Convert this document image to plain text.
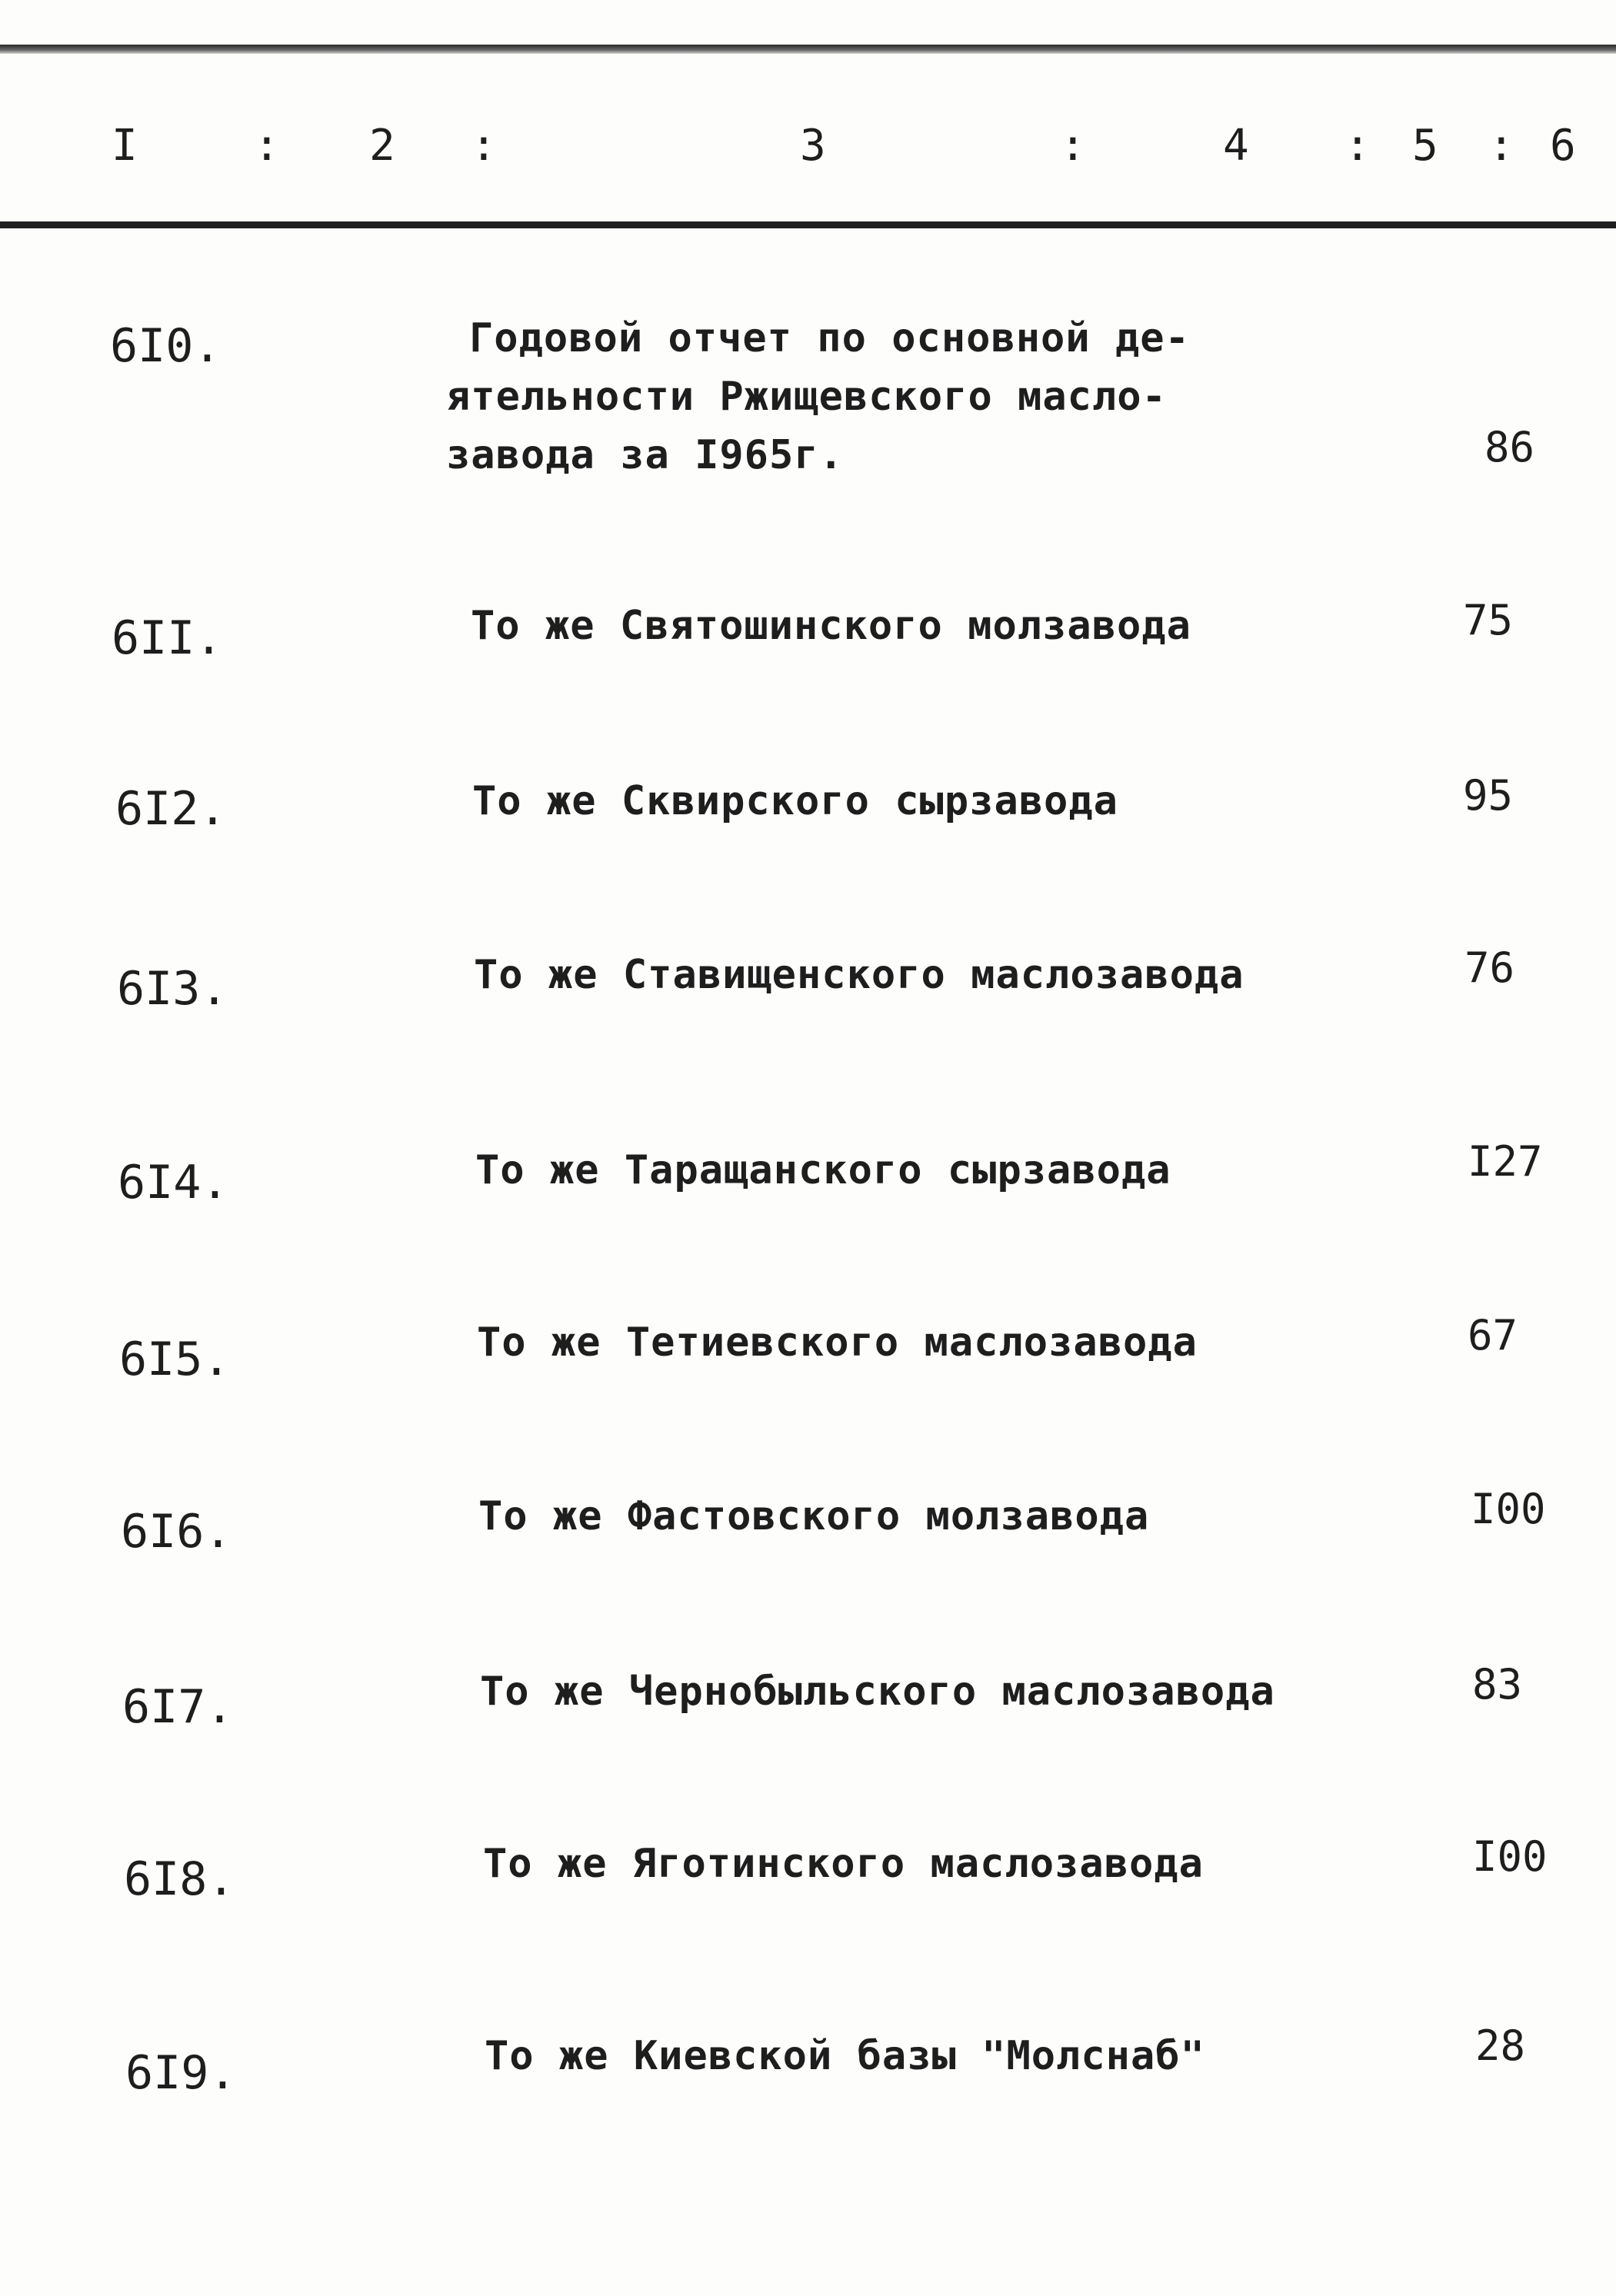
I	: 2 :	3	:	4 : 5 : 6
6I0.	Годовой отчет по основной де-
ятельности Ржищевского масло-
завода за I965г.	86
6II.	То же Святошинского молзавода	75
6I2.	То же Сквирского сырзавода	95
6I3.	То же Ставищенского маслозавода	76
6I4.	То же Таращанского сырзавода	I27
6I5.	То же Тетиевского маслозавода	67
6I6.	То же Фастовского молзавода	I00
6I7.	То же Чернобыльского маслозавода	83
6I8.	То же Яготинского маслозавода	I00
6I9.	То же Киевской базы "Молснаб"	28
